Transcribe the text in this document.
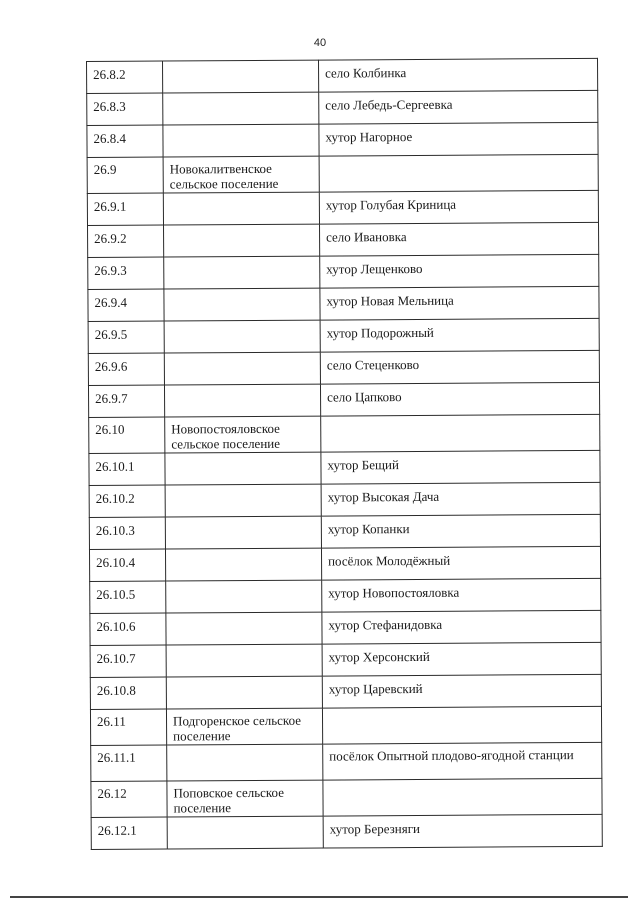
40
26.8.2		село Колбинка
26.8.3		село Лебедь-Сергеевка
26.8.4		хутор Нагорное
26.9	Новокалитвенское сельское поселение	
26.9.1		хутор Голубая Криница
26.9.2		село Ивановка
26.9.3		хутор Лещенково
26.9.4		хутор Новая Мельница
26.9.5		хутор Подорожный
26.9.6		село Стеценково
26.9.7		село Цапково
26.10	Новопостояловское сельское поселение	
26.10.1		хутор Бещий
26.10.2		хутор Высокая Дача
26.10.3		хутор Копанки
26.10.4		посёлок Молодёжный
26.10.5		хутор Новопостояловка
26.10.6		хутор Стефанидовка
26.10.7		хутор Херсонский
26.10.8		хутор Царевский
26.11	Подгоренское сельское поселение	
26.11.1		посёлок Опытной плодово-ягодной станции
26.12	Поповское сельское поселение	
26.12.1		хутор Березняги
